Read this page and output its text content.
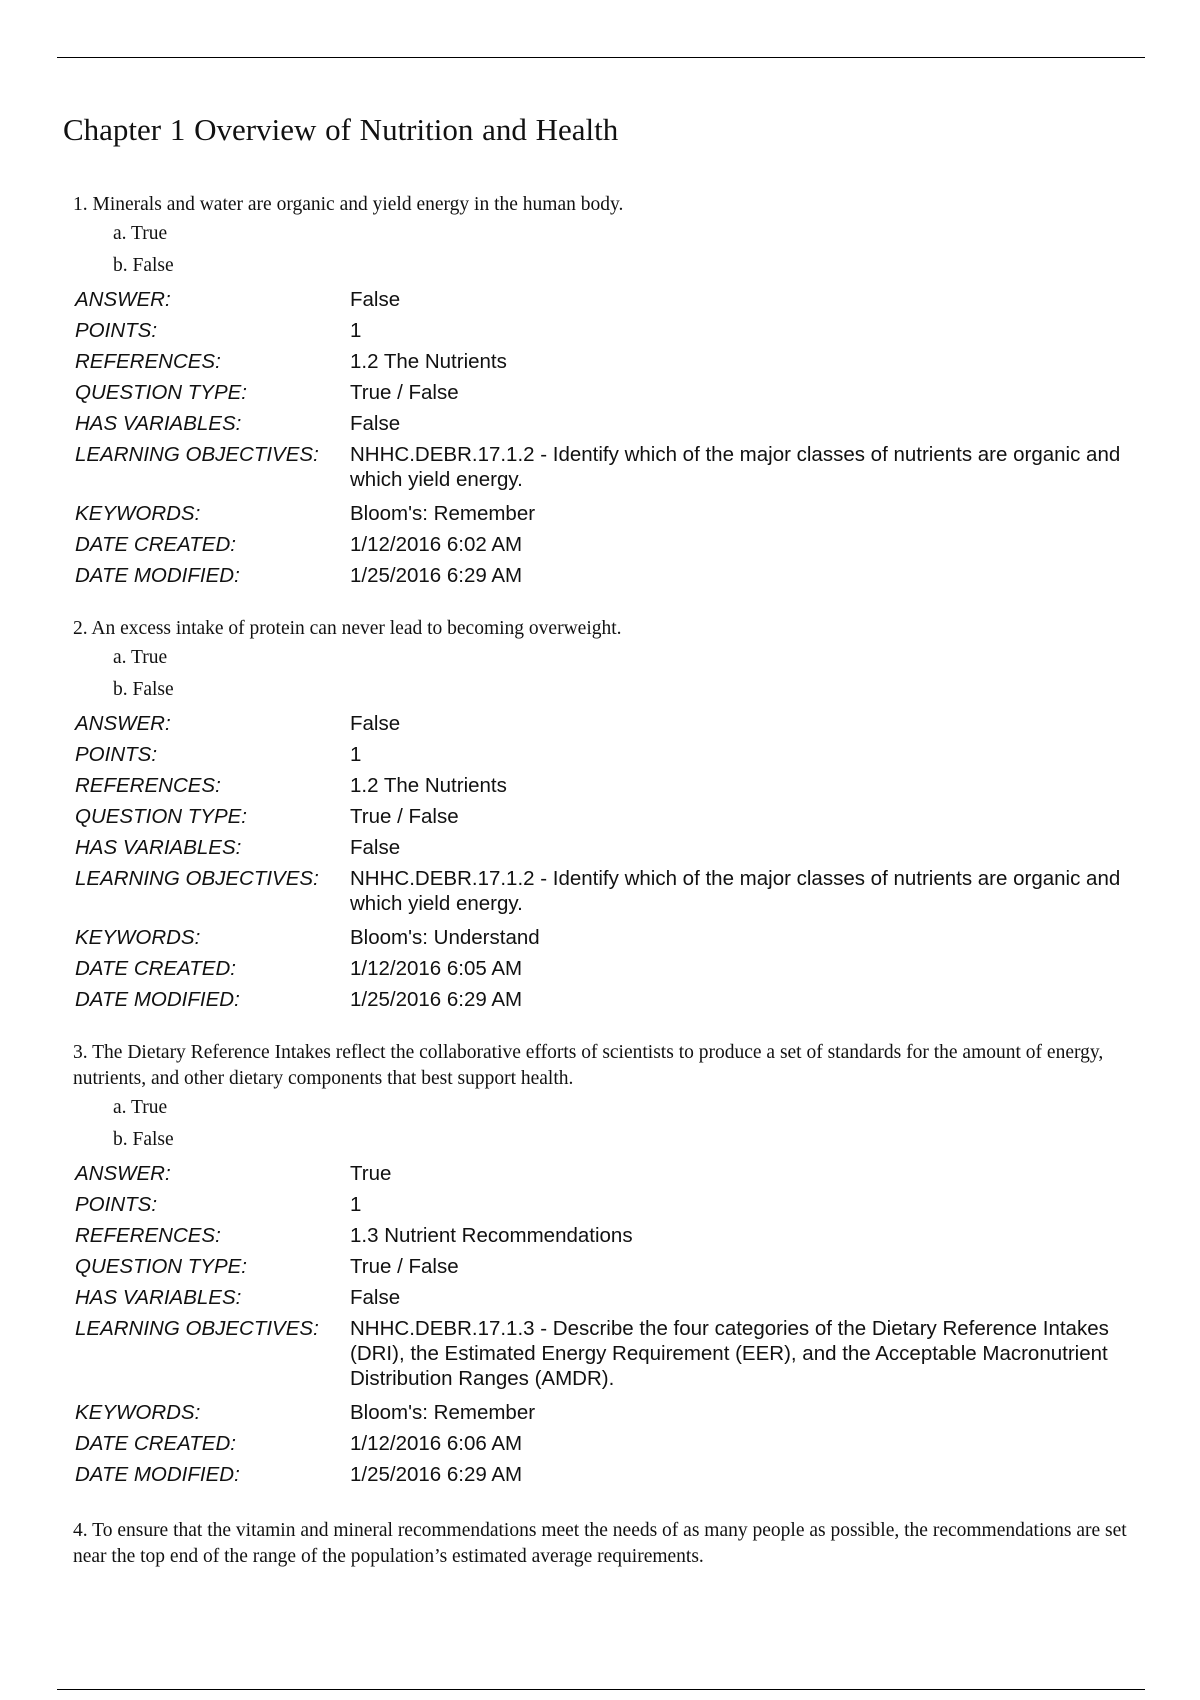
Chapter 1 Overview of Nutrition and Health

1. Minerals and water are organic and yield energy in the human body.

a. True
b. False
ANSWER:	False
POINTS:	1
REFERENCES:	1.2 The Nutrients
QUESTION TYPE:	True / False
HAS VARIABLES:	False
LEARNING OBJECTIVES:	NHHC.DEBR.17.1.2 - Identify which of the major classes of nutrients are organic and which yield energy.
KEYWORDS:	Bloom's: Remember
DATE CREATED:	1/12/2016 6:02 AM
DATE MODIFIED:	1/25/2016 6:29 AM

2. An excess intake of protein can never lead to becoming overweight.

a. True
b. False
ANSWER:	False
POINTS:	1
REFERENCES:	1.2 The Nutrients
QUESTION TYPE:	True / False
HAS VARIABLES:	False
LEARNING OBJECTIVES:	NHHC.DEBR.17.1.2 - Identify which of the major classes of nutrients are organic and which yield energy.
KEYWORDS:	Bloom's: Understand
DATE CREATED:	1/12/2016 6:05 AM
DATE MODIFIED:	1/25/2016 6:29 AM

3. The Dietary Reference Intakes reflect the collaborative efforts of scientists to produce a set of standards for the amount of energy, nutrients, and other dietary components that best support health.

a. True
b. False
ANSWER:	True
POINTS:	1
REFERENCES:	1.3 Nutrient Recommendations
QUESTION TYPE:	True / False
HAS VARIABLES:	False
LEARNING OBJECTIVES:	NHHC.DEBR.17.1.3 - Describe the four categories of the Dietary Reference Intakes (DRI), the Estimated Energy Requirement (EER), and the Acceptable Macronutrient Distribution Ranges (AMDR).
KEYWORDS:	Bloom's: Remember
DATE CREATED:	1/12/2016 6:06 AM
DATE MODIFIED:	1/25/2016 6:29 AM

4. To ensure that the vitamin and mineral recommendations meet the needs of as many people as possible, the recommendations are set near the top end of the range of the population’s estimated average requirements.
